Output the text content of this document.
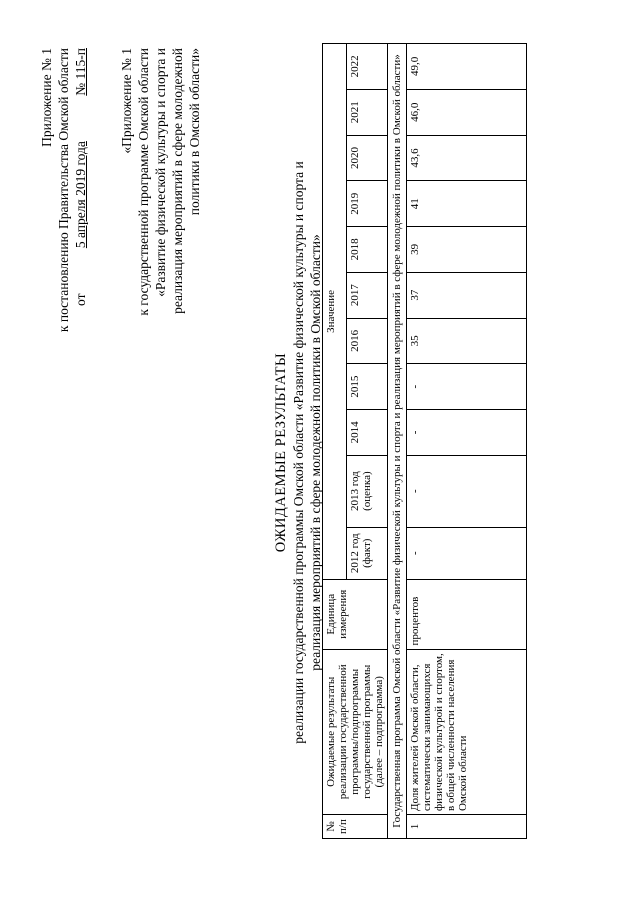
Приложение № 1 к постановлению Правительства Омской области от 5 апреля 2019 года № 115-п «Приложение № 1 к государственной программе Омской области «Развитие физической культуры и спорта и реализация мероприятий в сфере молодежной политики в Омской области»
ОЖИДАЕМЫЕ РЕЗУЛЬТАТЫ реализации государственной программы Омской области «Развитие физической культуры и спорта и реализация мероприятий в сфере молодежной политики в Омской области»
№ п/п	Ожидаемые результаты реализации государственной программы/подпрограммы государственной программы (далее – подпрограмма)	Единица измерения	Значение										
			2012 год (факт)	2013 год (оценка)	2014	2015	2016	2017	2018	2019	2020	2021	2022
Государственная программа Омской области «Развитие физической культуры и спорта и реализация мероприятий в сфере молодежной политики в Омской области»													
1	Доля жителей Омской области, систематически занимающихся физической культурой и спортом, в общей численности населения Омской области	процентов	-	-	-	-	35	37	39	41	43,6	46,0	49,0
